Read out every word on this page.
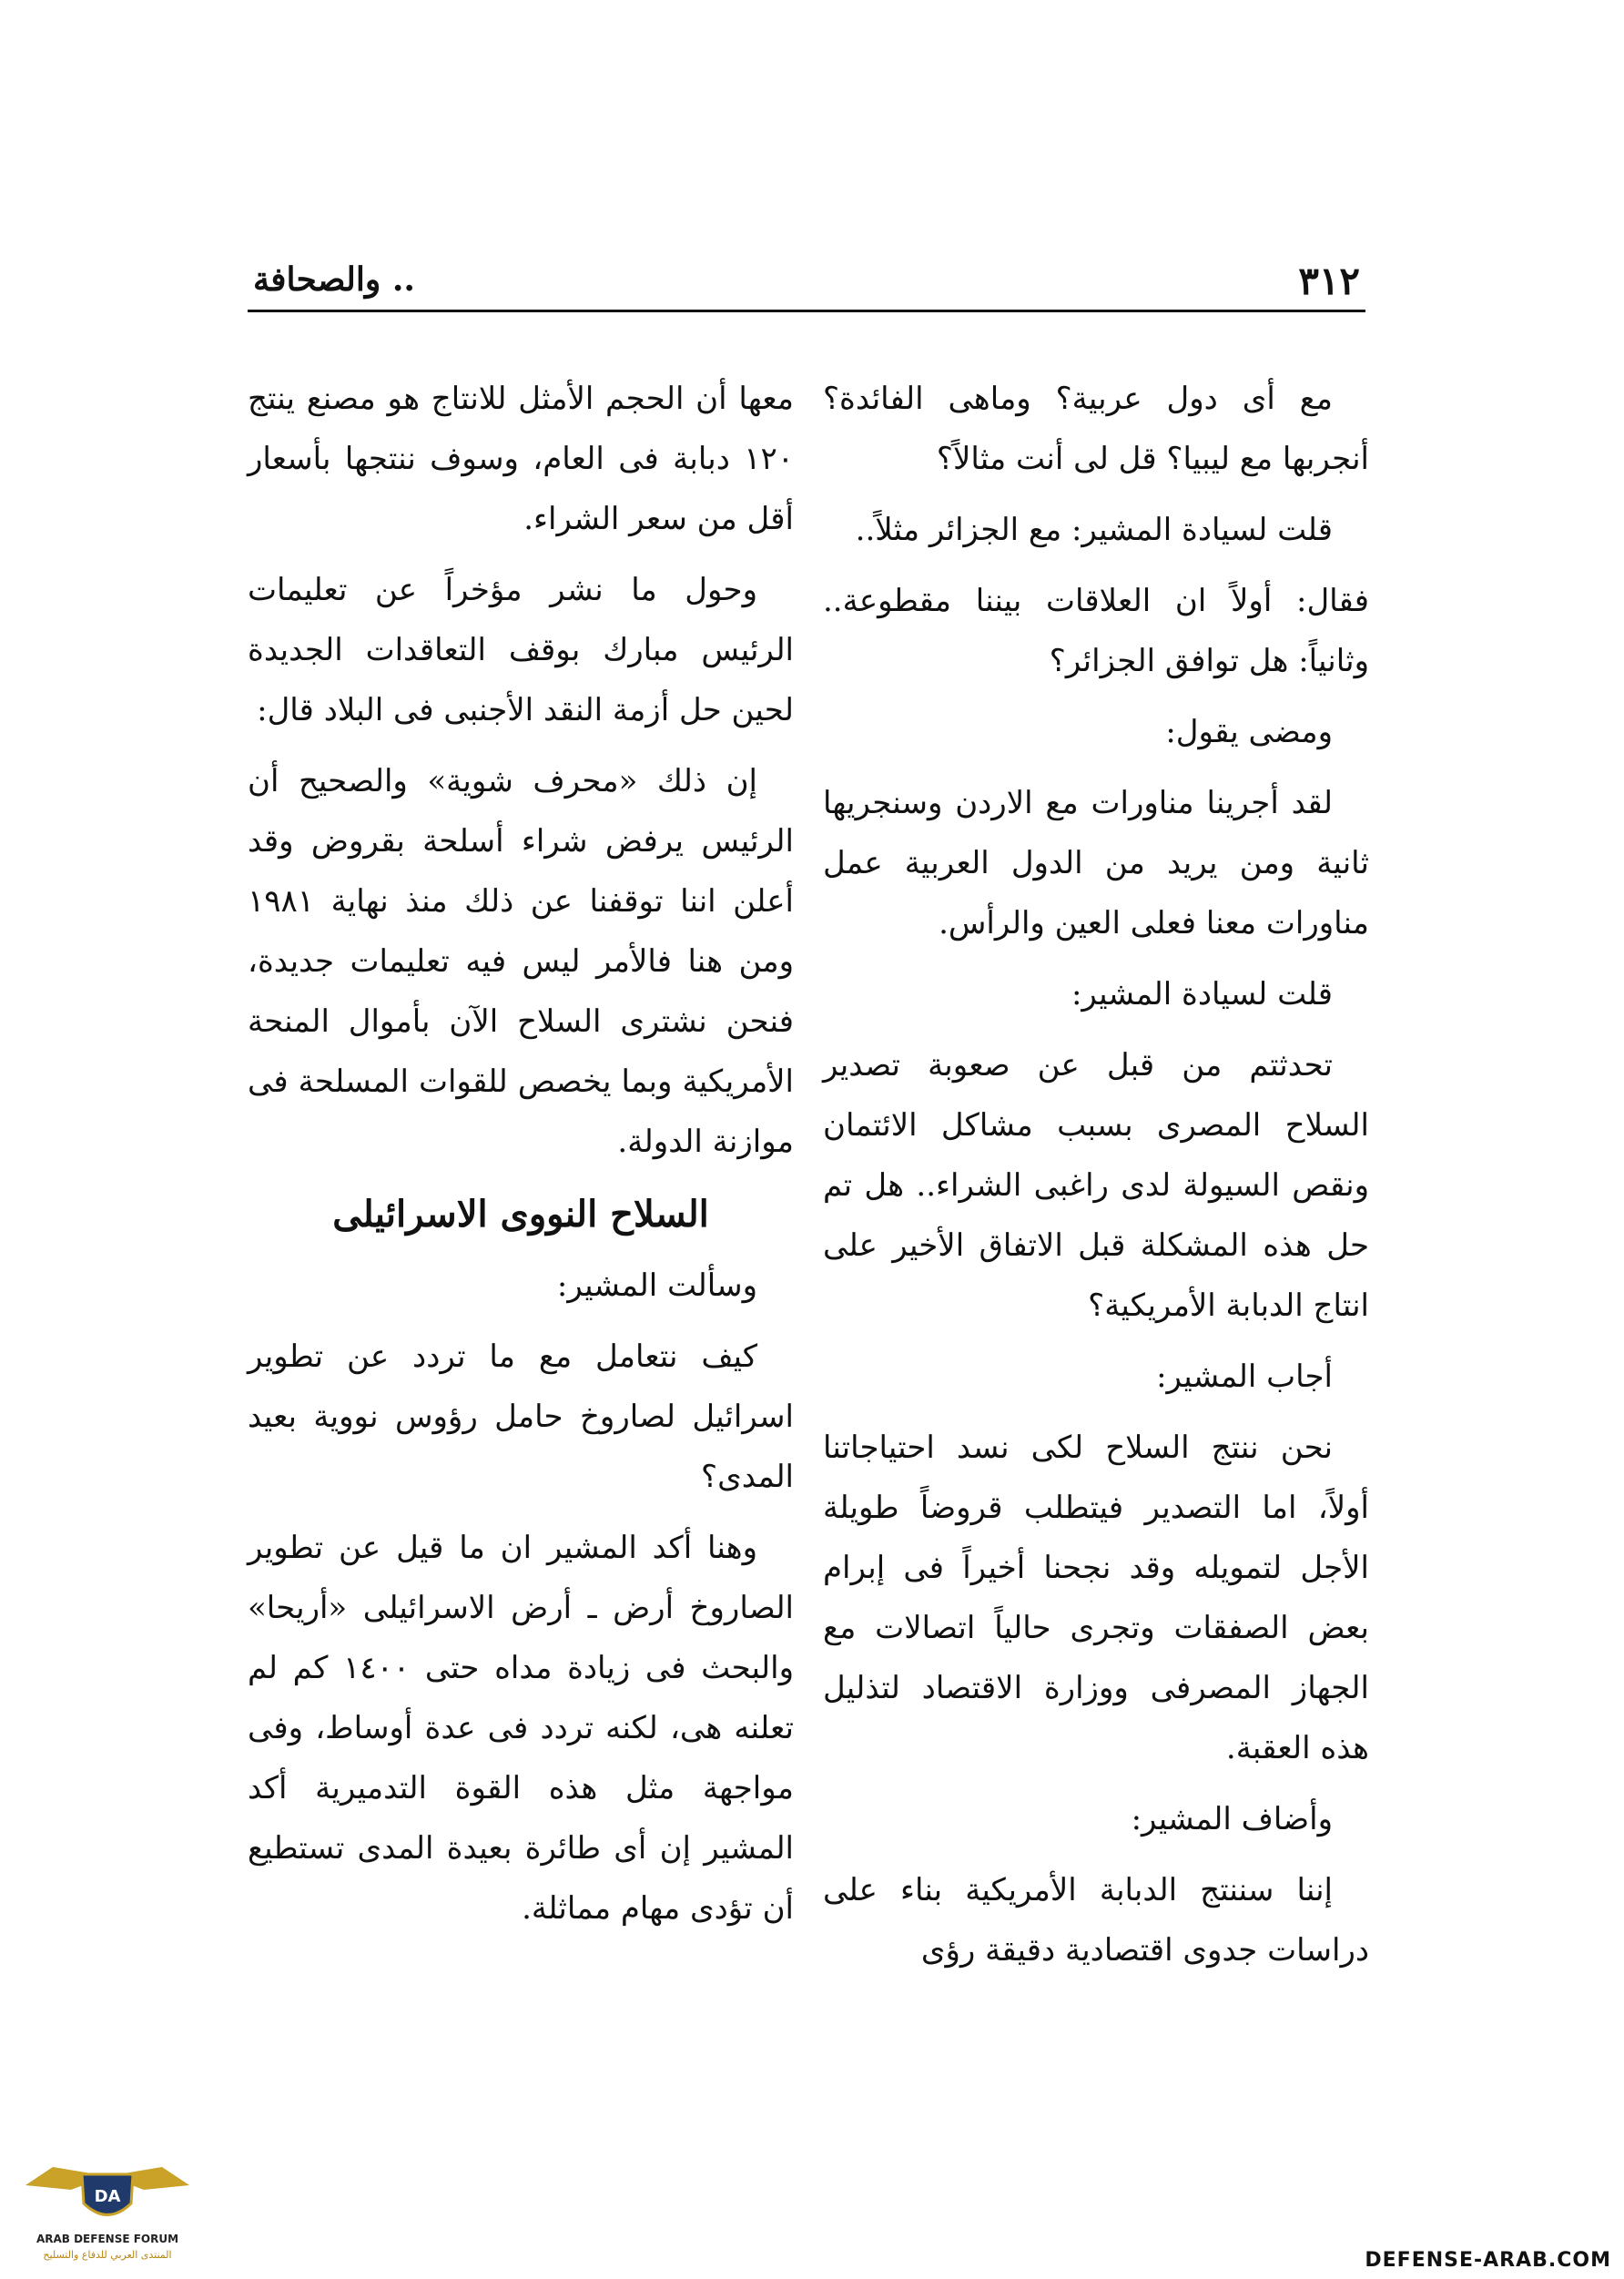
٣١٢
.. والصحافة

مع أى دول عربية؟ وماهى الفائدة؟ أنجربها مع ليبيا؟ قل لى أنت مثالاً؟

قلت لسيادة المشير: مع الجزائر مثلاً..

فقال: أولاً ان العلاقات بيننا مقطوعة.. وثانياً: هل توافق الجزائر؟

ومضى يقول:

لقد أجرينا مناورات مع الاردن وسنجريها ثانية ومن يريد من الدول العربية عمل مناورات معنا فعلى العين والرأس.

قلت لسيادة المشير:

تحدثتم من قبل عن صعوبة تصدير السلاح المصرى بسبب مشاكل الائتمان ونقص السيولة لدى راغبى الشراء.. هل تم حل هذه المشكلة قبل الاتفاق الأخير على انتاج الدبابة الأمريكية؟

أجاب المشير:

نحن ننتج السلاح لكى نسد احتياجاتنا أولاً، اما التصدير فيتطلب قروضاً طويلة الأجل لتمويله وقد نجحنا أخيراً فى إبرام بعض الصفقات وتجرى حالياً اتصالات مع الجهاز المصرفى ووزارة الاقتصاد لتذليل هذه العقبة.

وأضاف المشير:

إننا سننتج الدبابة الأمريكية بناء على دراسات جدوى اقتصادية دقيقة رؤى

معها أن الحجم الأمثل للانتاج هو مصنع ينتج ١٢٠ دبابة فى العام، وسوف ننتجها بأسعار أقل من سعر الشراء.

وحول ما نشر مؤخراً عن تعليمات الرئيس مبارك بوقف التعاقدات الجديدة لحين حل أزمة النقد الأجنبى فى البلاد قال:

إن ذلك «محرف شوية» والصحيح أن الرئيس يرفض شراء أسلحة بقروض وقد أعلن اننا توقفنا عن ذلك منذ نهاية ١٩٨١ ومن هنا فالأمر ليس فيه تعليمات جديدة، فنحن نشترى السلاح الآن بأموال المنحة الأمريكية وبما يخصص للقوات المسلحة فى موازنة الدولة.

السلاح النووى الاسرائيلى

وسألت المشير:

كيف نتعامل مع ما تردد عن تطوير اسرائيل لصاروخ حامل رؤوس نووية بعيد المدى؟

وهنا أكد المشير ان ما قيل عن تطوير الصاروخ أرض ـ أرض الاسرائيلى «أريحا» والبحث فى زيادة مداه حتى ١٤٠٠ كم لم تعلنه هى، لكنه تردد فى عدة أوساط، وفى مواجهة مثل هذه القوة التدميرية أكد المشير إن أى طائرة بعيدة المدى تستطيع أن تؤدى مهام مماثلة.

DA
ARAB DEFENSE FORUM
المنتدى العربي للدفاع والتسليح	DEFENSE-ARAB.COM
